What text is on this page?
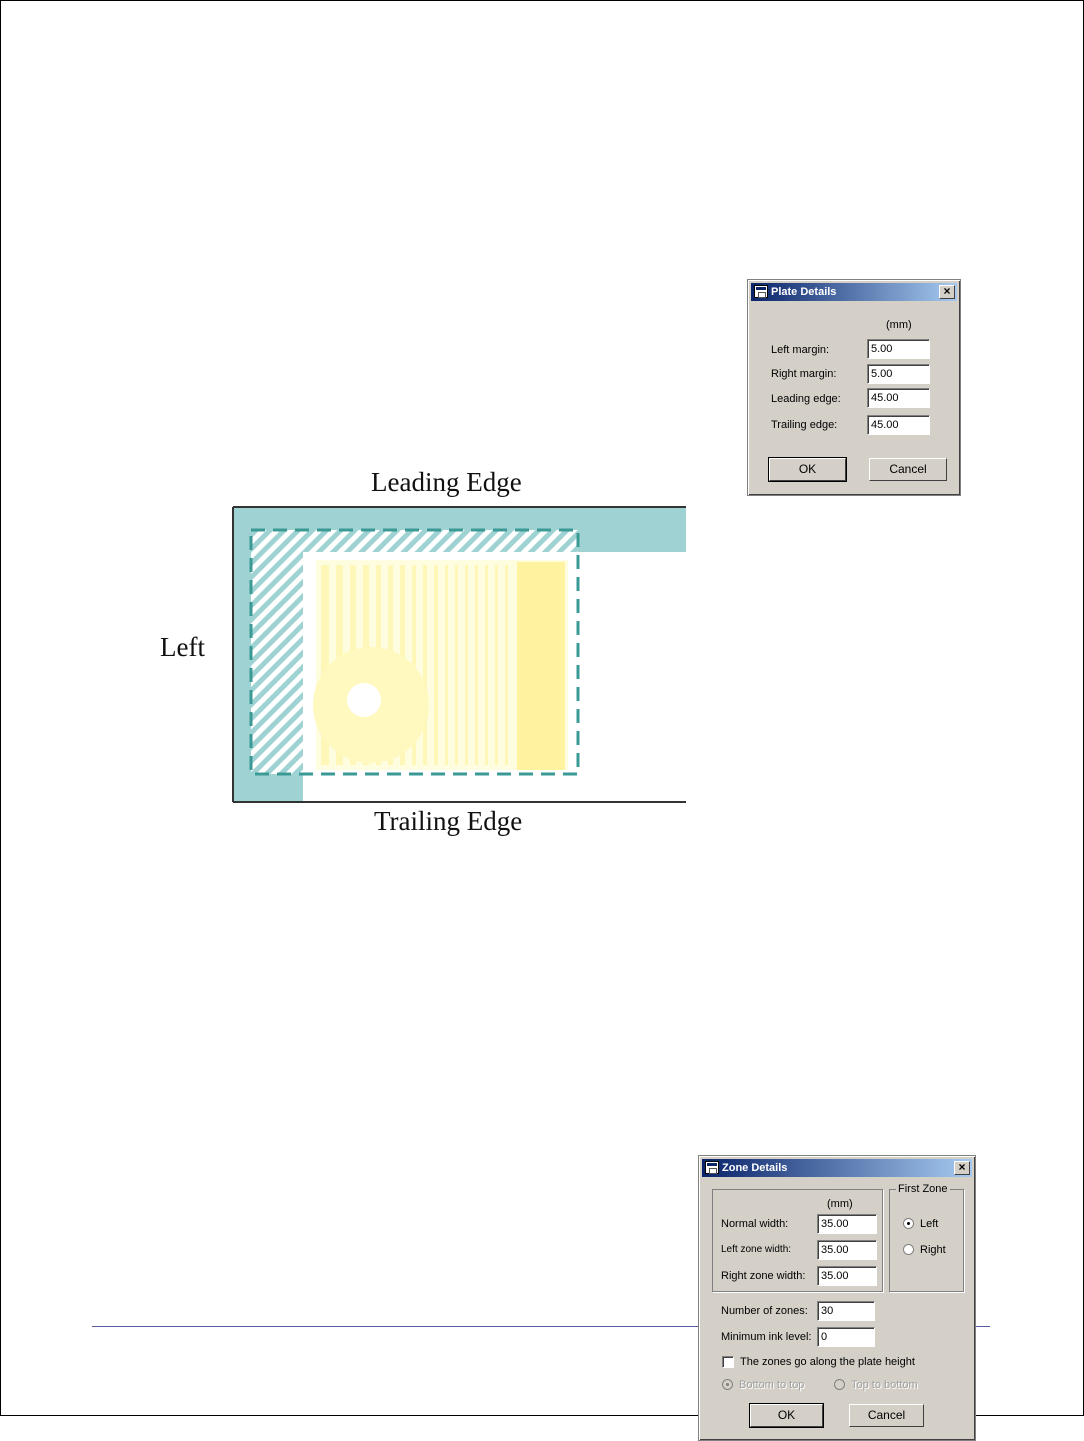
Plate Details	×
(mm)
Left margin:	5.00
Right margin:	5.00
Leading edge:	45.00
Trailing edge:	45.00
OK	Cancel
Leading Edge
Left
Trailing Edge
Zone Details	×
(mm)
Normal width:	35.00
Left zone width:	35.00
Right zone width:	35.00
First Zone
Left
Right
Number of zones:	30
Minimum ink level: 0
The zones go along the plate height
Bottom to top	Top to bottom
OK	Cancel
